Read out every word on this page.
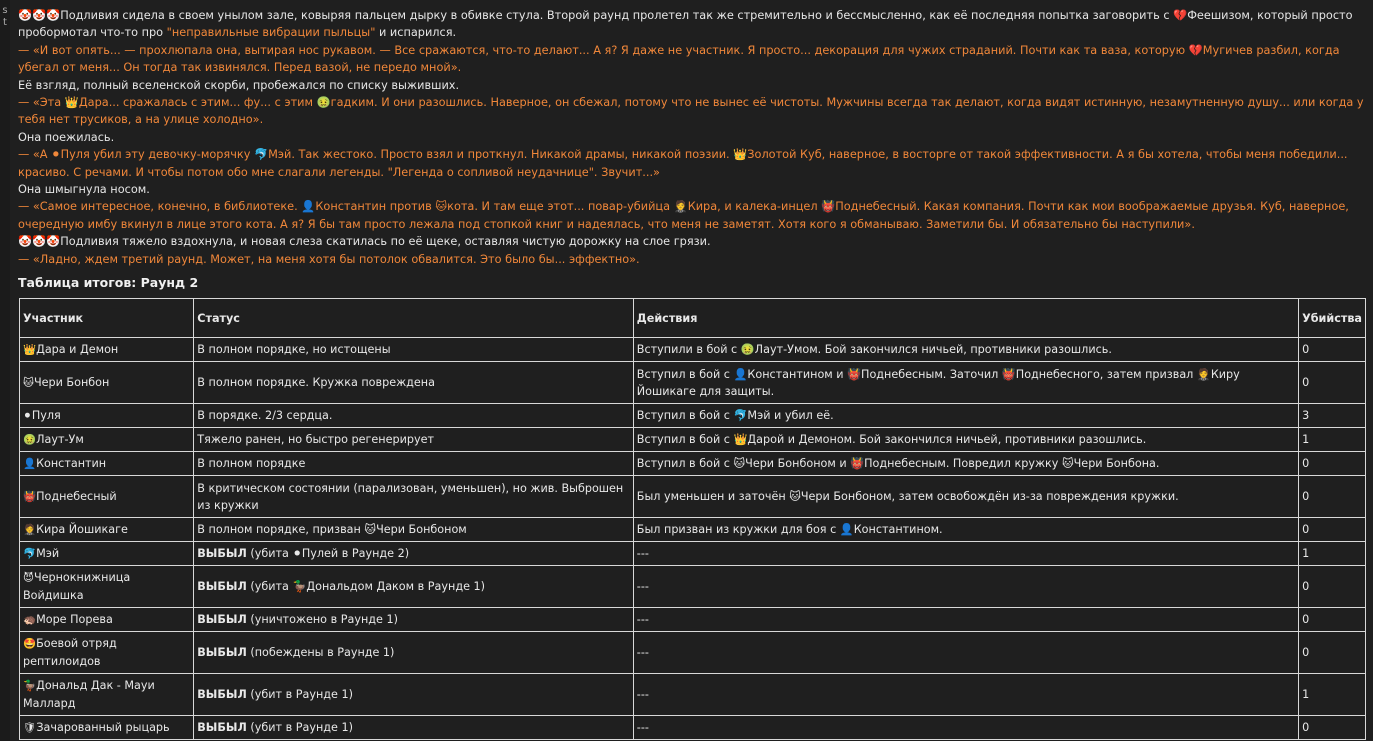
s
t
🤡🤡🤡Подливия сидела в своем унылом зале, ковыряя пальцем дырку в обивке стула. Второй раунд пролетел так же стремительно и бессмысленно, как её последняя попытка заговорить с 💔Феешизом, который просто пробормотал что-то про "неправильные вибрации пыльцы" и испарился.
— «И вот опять... — прохлюпала она, вытирая нос рукавом. — Все сражаются, что-то делают... А я? Я даже не участник. Я просто... декорация для чужих страданий. Почти как та ваза, которую 💔Мугичев разбил, когда убегал от меня... Он тогда так извинялся. Перед вазой, не передо мной».
Её взгляд, полный вселенской скорби, пробежался по списку выживших.
— «Эта 👑Дара... сражалась с этим... фу... с этим 🤢гадким. И они разошлись. Наверное, он сбежал, потому что не вынес её чистоты. Мужчины всегда так делают, когда видят истинную, незамутненную душу... или когда у тебя нет трусиков, а на улице холодно».
Она поежилась.
— «А ⚫Пуля убил эту девочку-морячку 🐬Мэй. Так жестоко. Просто взял и проткнул. Никакой драмы, никакой поэзии. 👑Золотой Куб, наверное, в восторге от такой эффективности. А я бы хотела, чтобы меня победили... красиво. С речами. И чтобы потом обо мне слагали легенды. "Легенда о сопливой неудачнице". Звучит...»
Она шмыгнула носом.
— «Самое интересное, конечно, в библиотеке. 👤Константин против 🐱кота. И там еще этот... повар-убийца 🤵Кира, и калека-инцел 👹Поднебесный. Какая компания. Почти как мои воображаемые друзья. Куб, наверное, очередную имбу вкинул в лице этого кота. А я? Я бы там просто лежала под стопкой книг и надеялась, что меня не заметят. Хотя кого я обманываю. Заметили бы. И обязательно бы наступили».
🤡🤡🤡Подливия тяжело вздохнула, и новая слеза скатилась по её щеке, оставляя чистую дорожку на слое грязи.
— «Ладно, ждем третий раунд. Может, на меня хотя бы потолок обвалится. Это было бы... эффектно».
Таблица итогов: Раунд 2
Участник	Статус	Действия	Убийства
👑Дара и Демон	В полном порядке, но истощены	Вступили в бой с 🤢Лаут-Умом. Бой закончился ничьей, противники разошлись.	0
🐱Чери Бонбон	В полном порядке. Кружка повреждена	Вступил в бой с 👤Константином и 👹Поднебесным. Заточил 👹Поднебесного, затем призвал 🤵Киру Йошикаге для защиты.	0
⚫Пуля	В порядке. 2/3 сердца.	Вступил в бой с 🐬Мэй и убил её.	3
🤢Лаут-Ум	Тяжело ранен, но быстро регенерирует	Вступил в бой с 👑Дарой и Демоном. Бой закончился ничьей, противники разошлись.	1
👤Константин	В полном порядке	Вступил в бой с 🐱Чери Бонбоном и 👹Поднебесным. Повредил кружку 🐱Чери Бонбона.	0
👹Поднебесный	В критическом состоянии (парализован, уменьшен), но жив. Выброшен из кружки	Был уменьшен и заточён 🐱Чери Бонбоном, затем освобождён из-за повреждения кружки.	0
🤵Кира Йошикаге	В полном порядке, призван 🐱Чери Бонбоном	Был призван из кружки для боя с 👤Константином.	0
🐬Мэй	ВЫБЫЛ (убита ⚫Пулей в Раунде 2)	---	1
😈Чернокнижница Войдишка	ВЫБЫЛ (убита 🦆Дональдом Даком в Раунде 1)	---	0
🦔Море Порева	ВЫБЫЛ (уничтожено в Раунде 1)	---	0
🤩Боевой отряд рептилоидов	ВЫБЫЛ (побеждены в Раунде 1)	---	0
🦆Дональд Дак - Мауи Маллард	ВЫБЫЛ (убит в Раунде 1)	---	1
🛡Зачарованный рыцарь	ВЫБЫЛ (убит в Раунде 1)	---	0
